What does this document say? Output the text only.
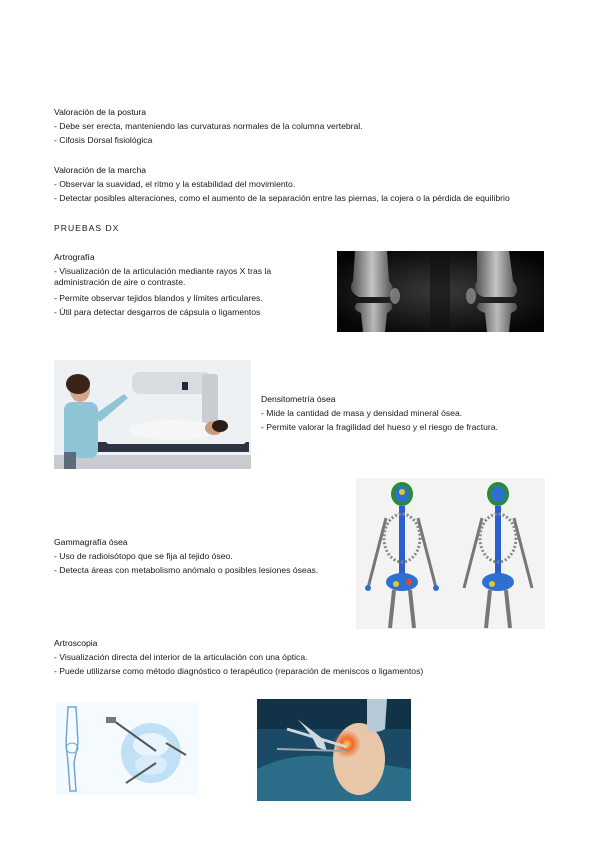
Valoración de la postura
- Debe ser erecta, manteniendo las curvaturas normales de la columna vertebral.
- Cifosis Dorsal fisiológica
Valoración de la marcha
- Observar la suavidad, el ritmo y la estabilidad del movimiento.
- Detectar posibles alteraciones, como el aumento de la separación entre las piernas, la cojera o la pérdida de equilibrio
PRUEBAS DX
Artrografía
- Visualización de la articulación mediante rayos X tras la administración de aire o contraste.
- Permite observar tejidos blandos y límites articulares.
- Útil para detectar desgarros de cápsula o ligamentos
Densitometría ósea
- Mide la cantidad de masa y densidad mineral ósea.
- Permite valorar la fragilidad del hueso y el riesgo de fractura.
Gammagrafía ósea
- Uso de radioisótopo que se fija al tejido óseo.
- Detecta áreas con metabolismo anómalo o posibles lesiones óseas.
Artroscopia
- Visualización directa del interior de la articulación con una óptica.
- Puede utilizarse como método diagnóstico o terapéutico (reparación de meniscos o ligamentos)
